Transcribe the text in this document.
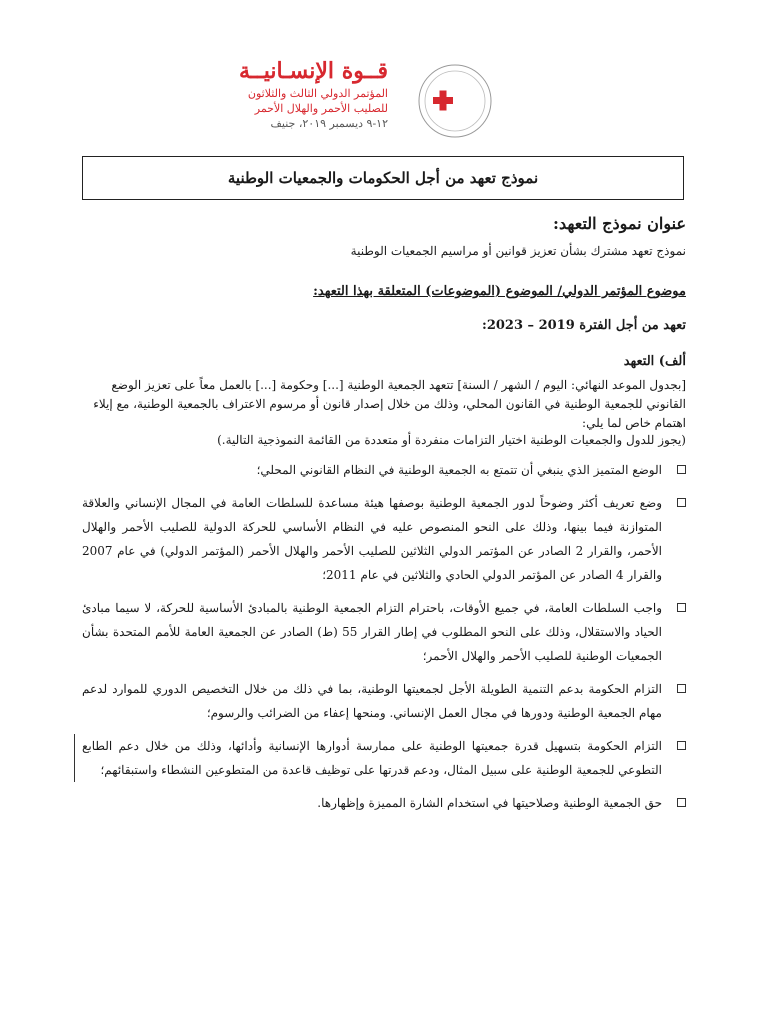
قــوة الإنسـانيــة
المؤتمر الدولي الثالث والثلاثون
للصليب الأحمر والهلال الأحمر
١٢-٩ ديسمبر ٢٠١٩، جنيف
نموذج تعهد من أجل الحكومات والجمعيات الوطنية
عنوان نموذج التعهد:
نموذج تعهد مشترك بشأن تعزيز قوانين أو مراسيم الجمعيات الوطنية
موضوع المؤتمر الدولي/ الموضوع (الموضوعات) المتعلقة بهذا التعهد:
تعهد من أجل الفترة 2019 – 2023:
ألف) التعهد
[بجدول الموعد النهائي: اليوم / الشهر / السنة] تتعهد الجمعية الوطنية [...] وحكومة [...] بالعمل معاً على تعزيز الوضع القانوني للجمعية الوطنية في القانون المحلي، وذلك من خلال إصدار قانون أو مرسوم الاعتراف بالجمعية الوطنية، مع إيلاء اهتمام خاص لما يلي:
(يجوز للدول والجمعيات الوطنية اختيار التزامات منفردة أو متعددة من القائمة النموذجية التالية.)
الوضع المتميز الذي ينبغي أن تتمتع به الجمعية الوطنية في النظام القانوني المحلي؛
وضع تعريف أكثر وضوحاً لدور الجمعية الوطنية بوصفها هيئة مساعدة للسلطات العامة في المجال الإنساني والعلاقة المتوازنة فيما بينها، وذلك على النحو المنصوص عليه في النظام الأساسي للحركة الدولية للصليب الأحمر والهلال الأحمر، والقرار 2 الصادر عن المؤتمر الدولي الثلاثين للصليب الأحمر والهلال الأحمر (المؤتمر الدولي) في عام 2007 والقرار 4 الصادر عن المؤتمر الدولي الحادي والثلاثين في عام 2011؛
واجب السلطات العامة، في جميع الأوقات، باحترام التزام الجمعية الوطنية بالمبادئ الأساسية للحركة، لا سيما مبادئ الحياد والاستقلال، وذلك على النحو المطلوب في إطار القرار 55 (ط) الصادر عن الجمعية العامة للأمم المتحدة بشأن الجمعيات الوطنية للصليب الأحمر والهلال الأحمر؛
التزام الحكومة بدعم التنمية الطويلة الأجل لجمعيتها الوطنية، بما في ذلك من خلال التخصيص الدوري للموارد لدعم مهام الجمعية الوطنية ودورها في مجال العمل الإنساني. ومنحها إعفاء من الضرائب والرسوم؛
التزام الحكومة بتسهيل قدرة جمعيتها الوطنية على ممارسة أدوارها الإنسانية وأدائها، وذلك من خلال دعم الطابع التطوعي للجمعية الوطنية على سبيل المثال، ودعم قدرتها على توظيف قاعدة من المتطوعين النشطاء واستبقائهم؛
حق الجمعية الوطنية وصلاحيتها في استخدام الشارة المميزة وإظهارها.
